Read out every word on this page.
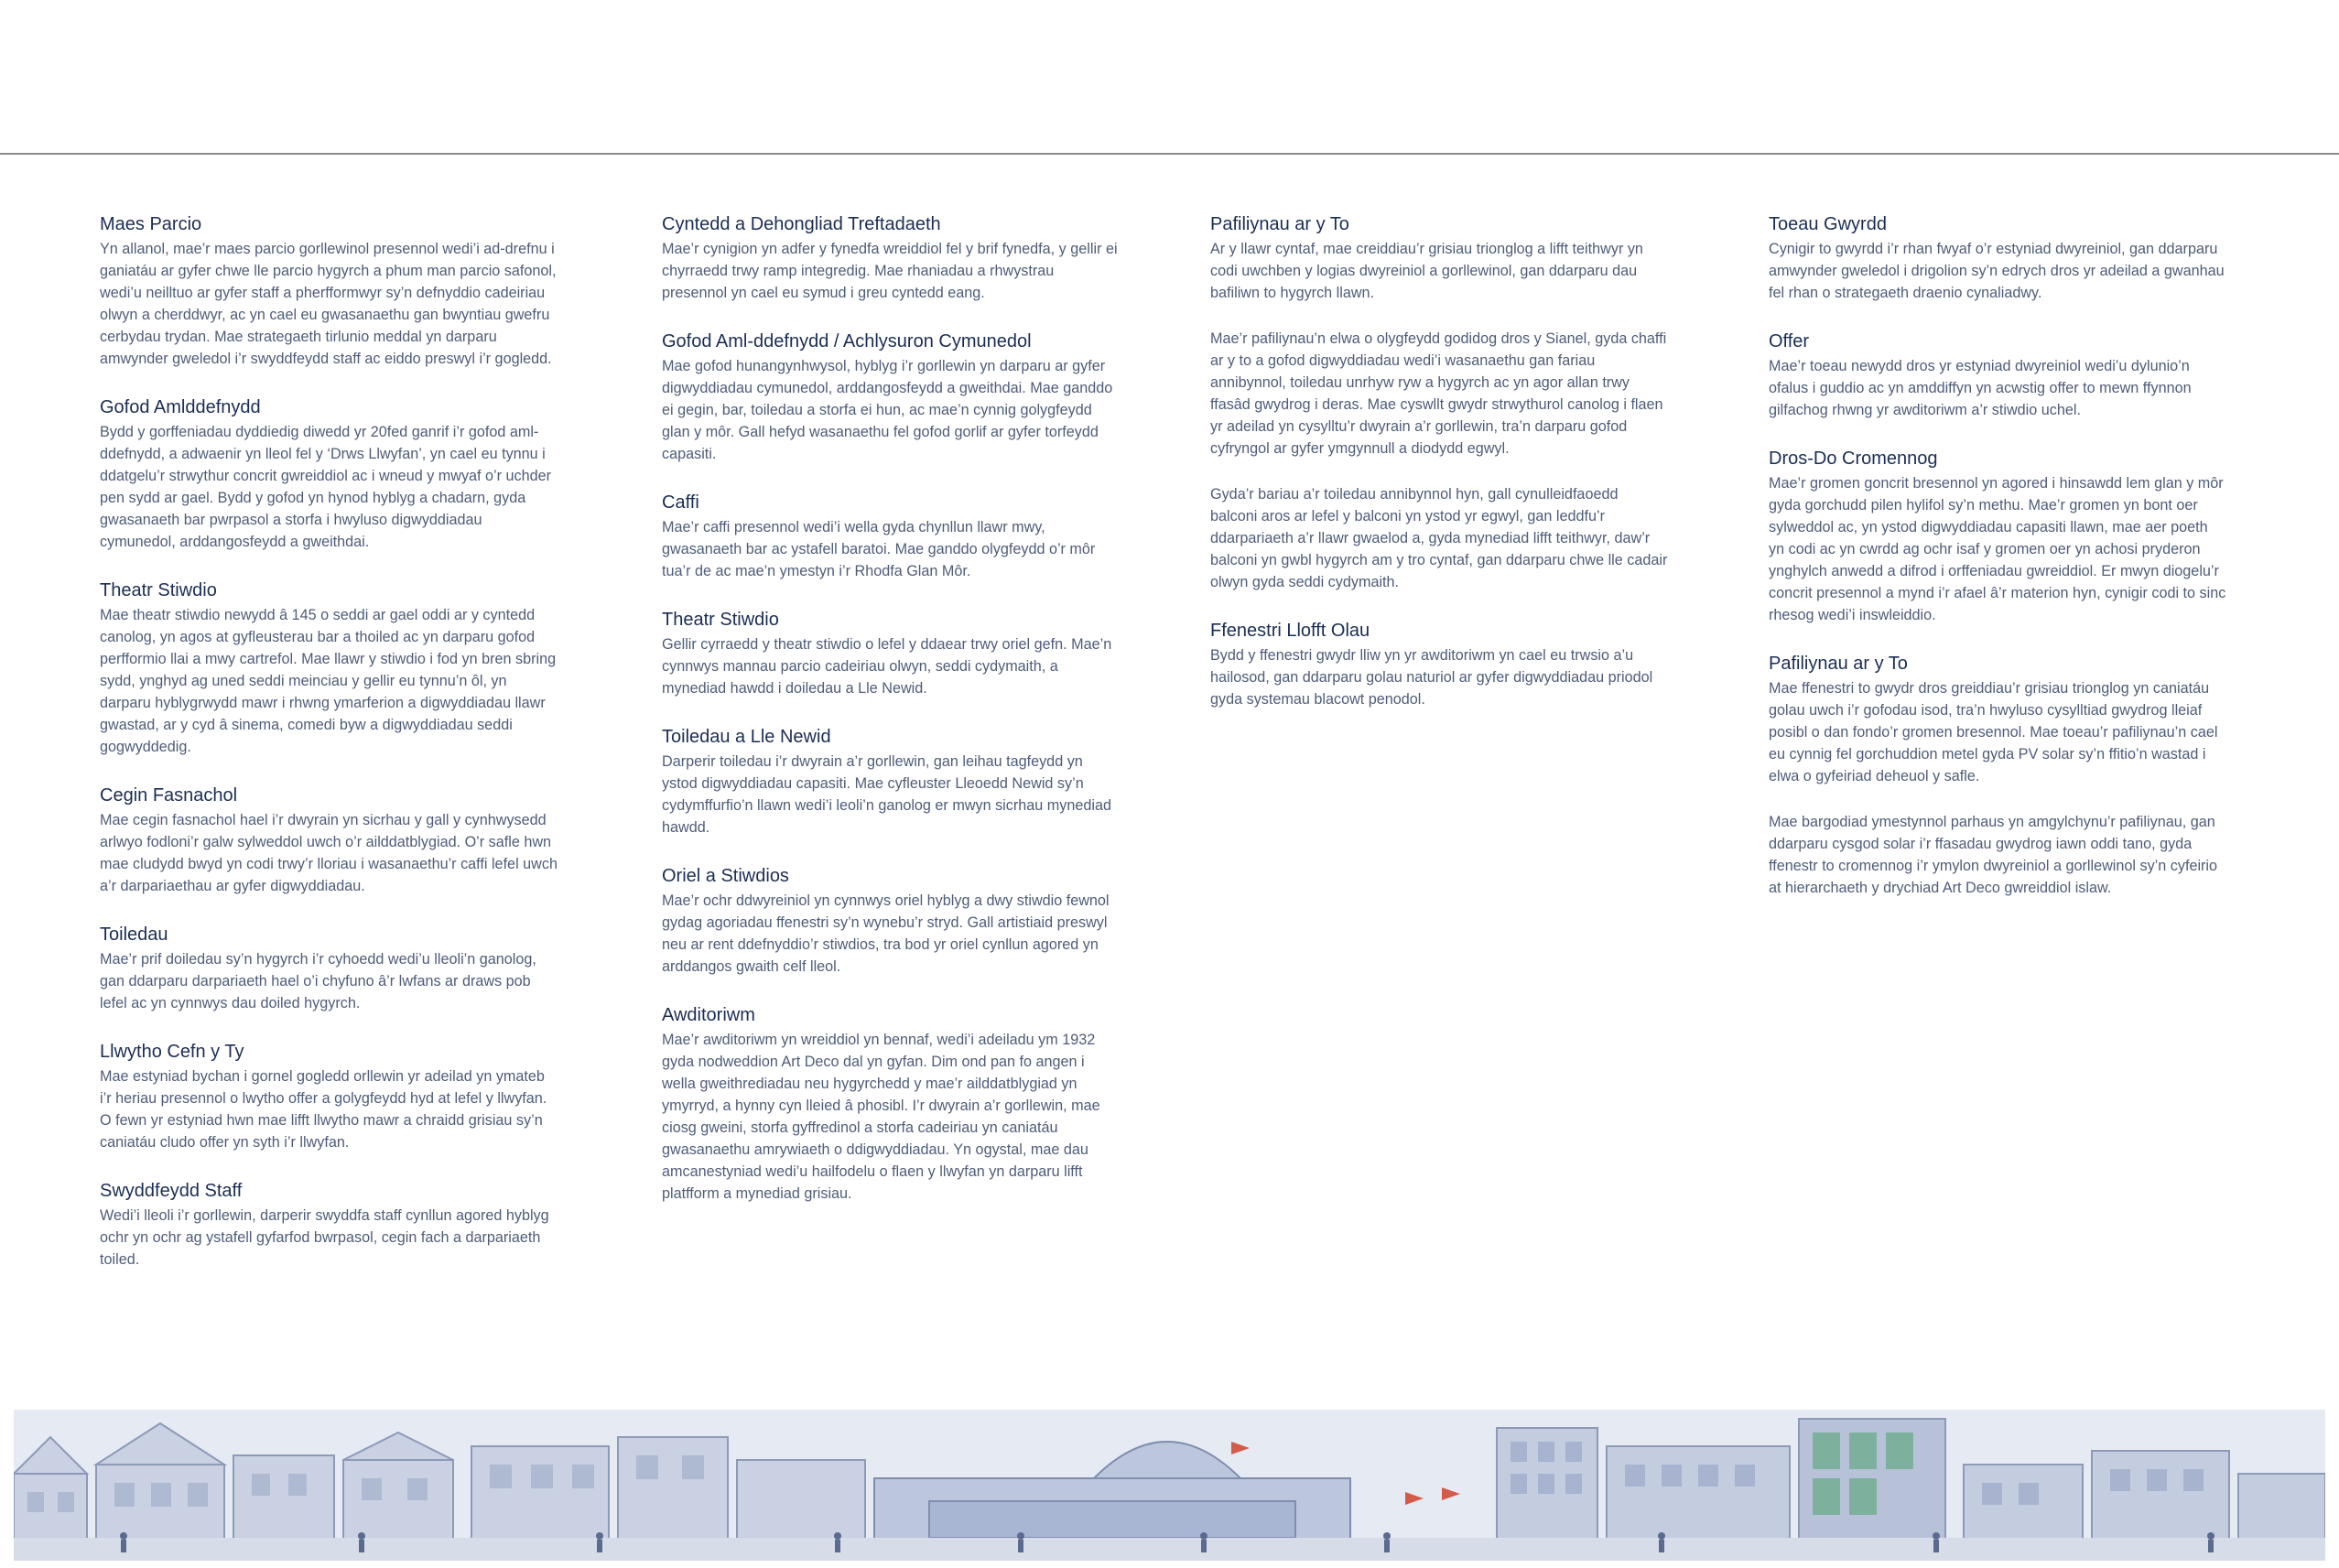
Maes Parcio

Yn allanol, mae’r maes parcio gorllewinol presennol wedi’i ad-drefnu i ganiatáu ar gyfer chwe lle parcio hygyrch a phum man parcio safonol, wedi’u neilltuo ar gyfer staff a pherfformwyr sy’n defnyddio cadeiriau olwyn a cherddwyr, ac yn cael eu gwasanaethu gan bwyntiau gwefru cerbydau trydan. Mae strategaeth tirlunio meddal yn darparu amwynder gweledol i’r swyddfeydd staff ac eiddo preswyl i’r gogledd.

Gofod Amlddefnydd

Bydd y gorffeniadau dyddiedig diwedd yr 20fed ganrif i’r gofod aml-ddefnydd, a adwaenir yn lleol fel y ‘Drws Llwyfan’, yn cael eu tynnu i ddatgelu’r strwythur concrit gwreiddiol ac i wneud y mwyaf o’r uchder pen sydd ar gael. Bydd y gofod yn hynod hyblyg a chadarn, gyda gwasanaeth bar pwrpasol a storfa i hwyluso digwyddiadau cymunedol, arddangosfeydd a gweithdai.

Theatr Stiwdio

Mae theatr stiwdio newydd â 145 o seddi ar gael oddi ar y cyntedd canolog, yn agos at gyfleusterau bar a thoiled ac yn darparu gofod perfformio llai a mwy cartrefol. Mae llawr y stiwdio i fod yn bren sbring sydd, ynghyd ag uned seddi meinciau y gellir eu tynnu’n ôl, yn darparu hyblygrwydd mawr i rhwng ymarferion a digwyddiadau llawr gwastad, ar y cyd â sinema, comedi byw a digwyddiadau seddi gogwyddedig.

Cegin Fasnachol

Mae cegin fasnachol hael i’r dwyrain yn sicrhau y gall y cynhwysedd arlwyo fodloni’r galw sylweddol uwch o’r ailddatblygiad. O’r safle hwn mae cludydd bwyd yn codi trwy’r lloriau i wasanaethu’r caffi lefel uwch a’r darpariaethau ar gyfer digwyddiadau.

Toiledau

Mae’r prif doiledau sy’n hygyrch i’r cyhoedd wedi’u lleoli’n ganolog, gan ddarparu darpariaeth hael o’i chyfuno â’r lwfans ar draws pob lefel ac yn cynnwys dau doiled hygyrch.

Llwytho Cefn y Ty

Mae estyniad bychan i gornel gogledd orllewin yr adeilad yn ymateb i’r heriau presennol o lwytho offer a golygfeydd hyd at lefel y llwyfan. O fewn yr estyniad hwn mae lifft llwytho mawr a chraidd grisiau sy’n caniatáu cludo offer yn syth i’r llwyfan.

Swyddfeydd Staff

Wedi’i lleoli i’r gorllewin, darperir swyddfa staff cynllun agored hyblyg ochr yn ochr ag ystafell gyfarfod bwrpasol, cegin fach a darpariaeth toiled.

Cyntedd a Dehongliad Treftadaeth

Mae’r cynigion yn adfer y fynedfa wreiddiol fel y brif fynedfa, y gellir ei chyrraedd trwy ramp integredig. Mae rhaniadau a rhwystrau presennol yn cael eu symud i greu cyntedd eang.

Gofod Aml-ddefnydd / Achlysuron Cymunedol

Mae gofod hunangynhwysol, hyblyg i’r gorllewin yn darparu ar gyfer digwyddiadau cymunedol, arddangosfeydd a gweithdai. Mae ganddo ei gegin, bar, toiledau a storfa ei hun, ac mae’n cynnig golygfeydd glan y môr. Gall hefyd wasanaethu fel gofod gorlif ar gyfer torfeydd capasiti.

Caffi

Mae’r caffi presennol wedi’i wella gyda chynllun llawr mwy, gwasanaeth bar ac ystafell baratoi. Mae ganddo olygfeydd o’r môr tua’r de ac mae’n ymestyn i’r Rhodfa Glan Môr.

Theatr Stiwdio

Gellir cyrraedd y theatr stiwdio o lefel y ddaear trwy oriel gefn. Mae’n cynnwys mannau parcio cadeiriau olwyn, seddi cydymaith, a mynediad hawdd i doiledau a Lle Newid.

Toiledau a Lle Newid

Darperir toiledau i’r dwyrain a’r gorllewin, gan leihau tagfeydd yn ystod digwyddiadau capasiti. Mae cyfleuster Lleoedd Newid sy’n cydymffurfio’n llawn wedi’i leoli’n ganolog er mwyn sicrhau mynediad hawdd.

Oriel a Stiwdios

Mae’r ochr ddwyreiniol yn cynnwys oriel hyblyg a dwy stiwdio fewnol gydag agoriadau ffenestri sy’n wynebu’r stryd. Gall artistiaid preswyl neu ar rent ddefnyddio’r stiwdios, tra bod yr oriel cynllun agored yn arddangos gwaith celf lleol.

Awditoriwm

Mae’r awditoriwm yn wreiddiol yn bennaf, wedi’i adeiladu ym 1932 gyda nodweddion Art Deco dal yn gyfan. Dim ond pan fo angen i wella gweithrediadau neu hygyrchedd y mae’r ailddatblygiad yn ymyrryd, a hynny cyn lleied â phosibl. I’r dwyrain a’r gorllewin, mae ciosg gweini, storfa gyffredinol a storfa cadeiriau yn caniatáu gwasanaethu amrywiaeth o ddigwyddiadau. Yn ogystal, mae dau amcanestyniad wedi’u hailfodelu o flaen y llwyfan yn darparu lifft platfform a mynediad grisiau.

Pafiliynau ar y To

Ar y llawr cyntaf, mae creiddiau’r grisiau trionglog a lifft teithwyr yn codi uwchben y logias dwyreiniol a gorllewinol, gan ddarparu dau bafiliwn to hygyrch llawn.

Mae’r pafiliynau’n elwa o olygfeydd godidog dros y Sianel, gyda chaffi ar y to a gofod digwyddiadau wedi’i wasanaethu gan fariau annibynnol, toiledau unrhyw ryw a hygyrch ac yn agor allan trwy ffasâd gwydrog i deras. Mae cyswllt gwydr strwythurol canolog i flaen yr adeilad yn cysylltu’r dwyrain a’r gorllewin, tra’n darparu gofod cyfryngol ar gyfer ymgynnull a diodydd egwyl.

Gyda’r bariau a’r toiledau annibynnol hyn, gall cynulleidfaoedd balconi aros ar lefel y balconi yn ystod yr egwyl, gan leddfu’r ddarpariaeth a’r llawr gwaelod a, gyda mynediad lifft teithwyr, daw’r balconi yn gwbl hygyrch am y tro cyntaf, gan ddarparu chwe lle cadair olwyn gyda seddi cydymaith.

Ffenestri Llofft Olau

Bydd y ffenestri gwydr lliw yn yr awditoriwm yn cael eu trwsio a’u hailosod, gan ddarparu golau naturiol ar gyfer digwyddiadau priodol gyda systemau blacowt penodol.

Toeau Gwyrdd

Cynigir to gwyrdd i’r rhan fwyaf o’r estyniad dwyreiniol, gan ddarparu amwynder gweledol i drigolion sy’n edrych dros yr adeilad a gwanhau fel rhan o strategaeth draenio cynaliadwy.

Offer

Mae’r toeau newydd dros yr estyniad dwyreiniol wedi’u dylunio’n ofalus i guddio ac yn amddiffyn yn acwstig offer to mewn ffynnon gilfachog rhwng yr awditoriwm a’r stiwdio uchel.

Dros-Do Cromennog

Mae’r gromen goncrit bresennol yn agored i hinsawdd lem glan y môr gyda gorchudd pilen hylifol sy’n methu. Mae’r gromen yn bont oer sylweddol ac, yn ystod digwyddiadau capasiti llawn, mae aer poeth yn codi ac yn cwrdd ag ochr isaf y gromen oer yn achosi pryderon ynghylch anwedd a difrod i orffeniadau gwreiddiol. Er mwyn diogelu’r concrit presennol a mynd i’r afael â’r materion hyn, cynigir codi to sinc rhesog wedi’i inswleiddio.

Pafiliynau ar y To

Mae ffenestri to gwydr dros greiddiau’r grisiau trionglog yn caniatáu golau uwch i’r gofodau isod, tra’n hwyluso cysylltiad gwydrog lleiaf posibl o dan fondo’r gromen bresennol. Mae toeau’r pafiliynau’n cael eu cynnig fel gorchuddion metel gyda PV solar sy’n ffitio’n wastad i elwa o gyfeiriad deheuol y safle.

Mae bargodiad ymestynnol parhaus yn amgylchynu’r pafiliynau, gan ddarparu cysgod solar i’r ffasadau gwydrog iawn oddi tano, gyda ffenestr to cromennog i’r ymylon dwyreiniol a gorllewinol sy’n cyfeirio at hierarchaeth y drychiad Art Deco gwreiddiol islaw.
